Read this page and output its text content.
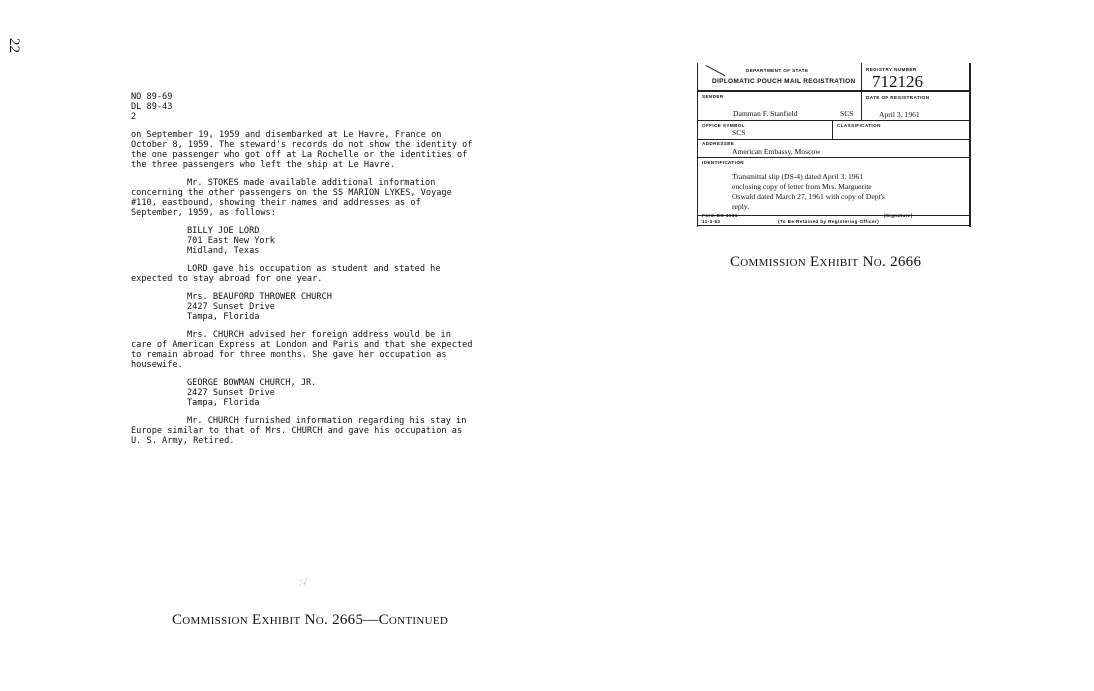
22
NO 89-69
DL 89-43
2

on September 19, 1959 and disembarked at Le Havre, France on October 8, 1959. The steward's records do not show the identity of the one passenger who got off at La Rochelle or the identities of the three passengers who left the ship at Le Havre.

Mr. STOKES made available additional information concerning the other passengers on the SS MARION LYKES, Voyage #110, eastbound, showing their names and addresses as of September, 1959, as follows:

BILLY JOE LORD
701 East New York
Midland, Texas

LORD gave his occupation as student and stated he expected to stay abroad for one year.

Mrs. BEAUFORD THROWER CHURCH
2427 Sunset Drive
Tampa, Florida

Mrs. CHURCH advised her foreign address would be in care of American Express at London and Paris and that she expected to remain abroad for three months. She gave her occupation as housewife.

GEORGE BOWMAN CHURCH, JR.
2427 Sunset Drive
Tampa, Florida

Mr. CHURCH furnished information regarding his stay in Europe similar to that of Mrs. CHURCH and gave his occupation as U. S. Army, Retired.

∴⁄
Commission Exhibit No. 2665—Continued
DEPARTMENT OF STATE
DIPLOMATIC POUCH MAIL REGISTRATION
REGISTRY NUMBER
712126
SENDER
Damman F. Stanfield	SCS
DATE OF REGISTRATION
April 3, 1961
OFFICE SYMBOL
SCS
CLASSIFICATION
ADDRESSEE
American Embassy, Moscow
IDENTIFICATION
Transmittal slip (DS-4) dated April 3, 1961
enclosing copy of letter from Mrs. Marguerite
Oswald dated March 27, 1961 with copy of Dept's
reply.
Form DS-1931
11-3-53
(Signature)
(To Be Retained by Registering Officer)
Commission Exhibit No. 2666
